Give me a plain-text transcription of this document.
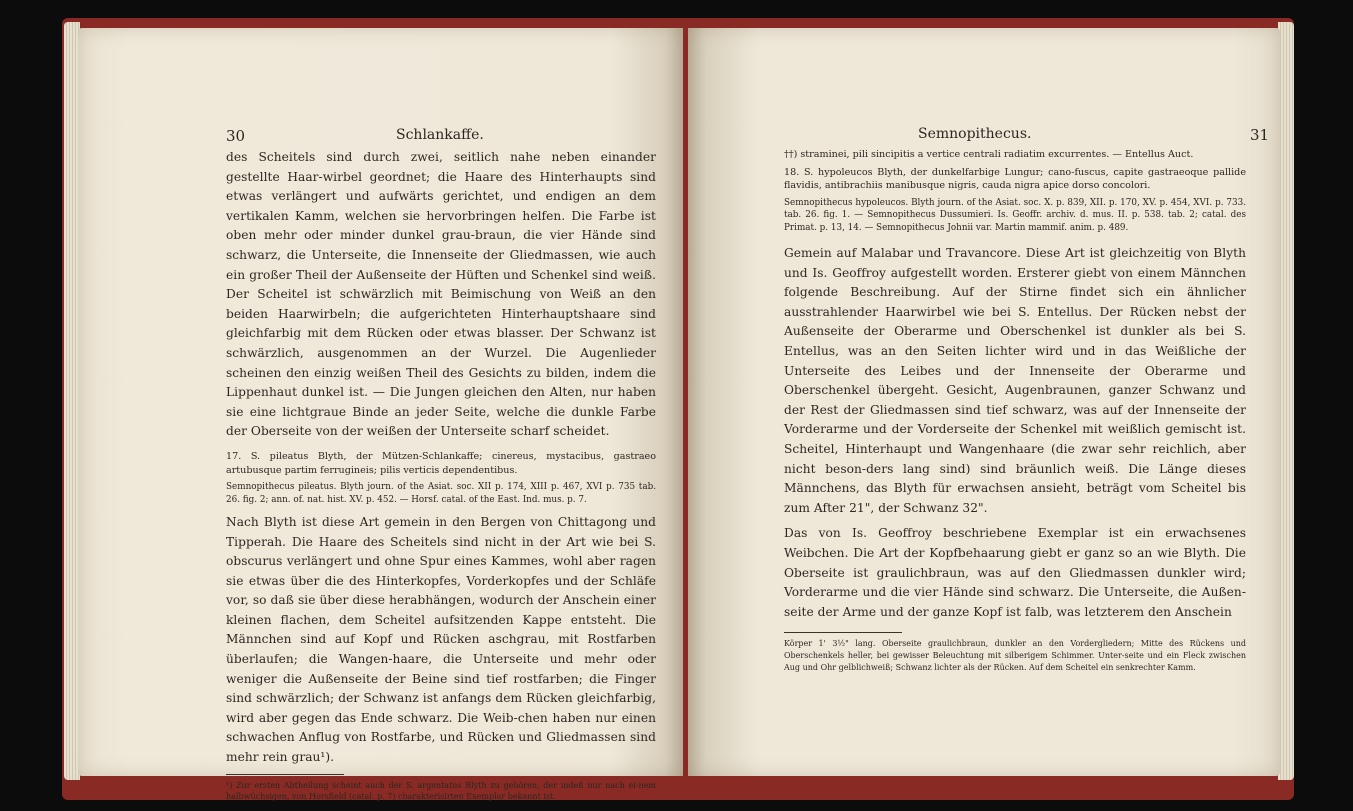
30	Schlankaffe.

des Scheitels sind durch zwei, seitlich nahe neben einander gestellte Haar-wirbel geordnet; die Haare des Hinterhaupts sind etwas verlängert und aufwärts gerichtet, und endigen an dem vertikalen Kamm, welchen sie hervorbringen helfen. Die Farbe ist oben mehr oder minder dunkel grau-braun, die vier Hände sind schwarz, die Unterseite, die Innenseite der Gliedmassen, wie auch ein großer Theil der Außenseite der Hüften und Schenkel sind weiß. Der Scheitel ist schwärzlich mit Beimischung von Weiß an den beiden Haarwirbeln; die aufgerichteten Hinterhauptshaare sind gleichfarbig mit dem Rücken oder etwas blasser. Der Schwanz ist schwärzlich, ausgenommen an der Wurzel. Die Augenlieder scheinen den einzig weißen Theil des Gesichts zu bilden, indem die Lippenhaut dunkel ist. — Die Jungen gleichen den Alten, nur haben sie eine lichtgraue Binde an jeder Seite, welche die dunkle Farbe der Oberseite von der weißen der Unterseite scharf scheidet.

17. S. pileatus Blyth, der Mützen-Schlankaffe; cinereus, mystacibus, gastraeo artubusque partim ferrugineis; pilis verticis dependentibus.

Semnopithecus pileatus. Blyth journ. of the Asiat. soc. XII p. 174, XIII p. 467, XVI p. 735 tab. 26. fig. 2; ann. of. nat. hist. XV. p. 452. — Horsf. catal. of the East. Ind. mus. p. 7.

Nach Blyth ist diese Art gemein in den Bergen von Chittagong und Tipperah. Die Haare des Scheitels sind nicht in der Art wie bei S. obscurus verlängert und ohne Spur eines Kammes, wohl aber ragen sie etwas über die des Hinterkopfes, Vorderkopfes und der Schläfe vor, so daß sie über diese herabhängen, wodurch der Anschein einer kleinen flachen, dem Scheitel aufsitzenden Kappe entsteht. Die Männchen sind auf Kopf und Rücken aschgrau, mit Rostfarben überlaufen; die Wangen-haare, die Unterseite und mehr oder weniger die Außenseite der Beine sind tief rostfarben; die Finger sind schwärzlich; der Schwanz ist anfangs dem Rücken gleichfarbig, wird aber gegen das Ende schwarz. Die Weib-chen haben nur einen schwachen Anflug von Rostfarbe, und Rücken und Gliedmassen sind mehr rein grau¹).

¹) Zur ersten Abtheilung scheint auch der S. argentatus Blyth zu gehören, der indeß nur nach ei-nem halbwüchsigen, von Horsfield (catal. p. 7) charakterisirten Exemplar bekannt ist.

Semnopithecus.	31

††) straminei, pili sincipitis a vertice centrali radiatim excurrentes. — Entellus Auct.

18. S. hypoleucos Blyth, der dunkelfarbige Lungur; cano-fuscus, capite gastraeoque pallide flavidis, antibrachiis manibusque nigris, cauda nigra apice dorso concolori.

Semnopithecus hypoleucos. Blyth journ. of the Asiat. soc. X. p. 839, XII. p. 170, XV. p. 454, XVI. p. 733. tab. 26. fig. 1. — Semnopithecus Dussumieri. Is. Geoffr. archiv. d. mus. II. p. 538. tab. 2; catal. des Primat. p. 13, 14. — Semnopithecus Johnii var. Martin mammif. anim. p. 489.

Gemein auf Malabar und Travancore. Diese Art ist gleichzeitig von Blyth und Is. Geoffroy aufgestellt worden. Ersterer giebt von einem Männchen folgende Beschreibung. Auf der Stirne findet sich ein ähnlicher ausstrahlender Haarwirbel wie bei S. Entellus. Der Rücken nebst der Außenseite der Oberarme und Oberschenkel ist dunkler als bei S. Entellus, was an den Seiten lichter wird und in das Weißliche der Unterseite des Leibes und der Innenseite der Oberarme und Oberschenkel übergeht. Gesicht, Augenbraunen, ganzer Schwanz und der Rest der Gliedmassen sind tief schwarz, was auf der Innenseite der Vorderarme und der Vorderseite der Schenkel mit weißlich gemischt ist. Scheitel, Hinterhaupt und Wangenhaare (die zwar sehr reichlich, aber nicht beson-ders lang sind) sind bräunlich weiß. Die Länge dieses Männchens, das Blyth für erwachsen ansieht, beträgt vom Scheitel bis zum After 21", der Schwanz 32".

Das von Is. Geoffroy beschriebene Exemplar ist ein erwachsenes Weibchen. Die Art der Kopfbehaarung giebt er ganz so an wie Blyth. Die Oberseite ist graulichbraun, was auf den Gliedmassen dunkler wird; Vorderarme und die vier Hände sind schwarz. Die Unterseite, die Außen-seite der Arme und der ganze Kopf ist falb, was letzterem den Anschein

Körper 1' 3½" lang. Oberseite graulichbraun, dunkler an den Vordergliedern; Mitte des Rückens und Oberschenkels heller, bei gewisser Beleuchtung mit silberigem Schimmer. Unter-seite und ein Fleck zwischen Aug und Ohr gelblichweiß; Schwanz lichter als der Rücken. Auf dem Scheitel ein senkrechter Kamm.
